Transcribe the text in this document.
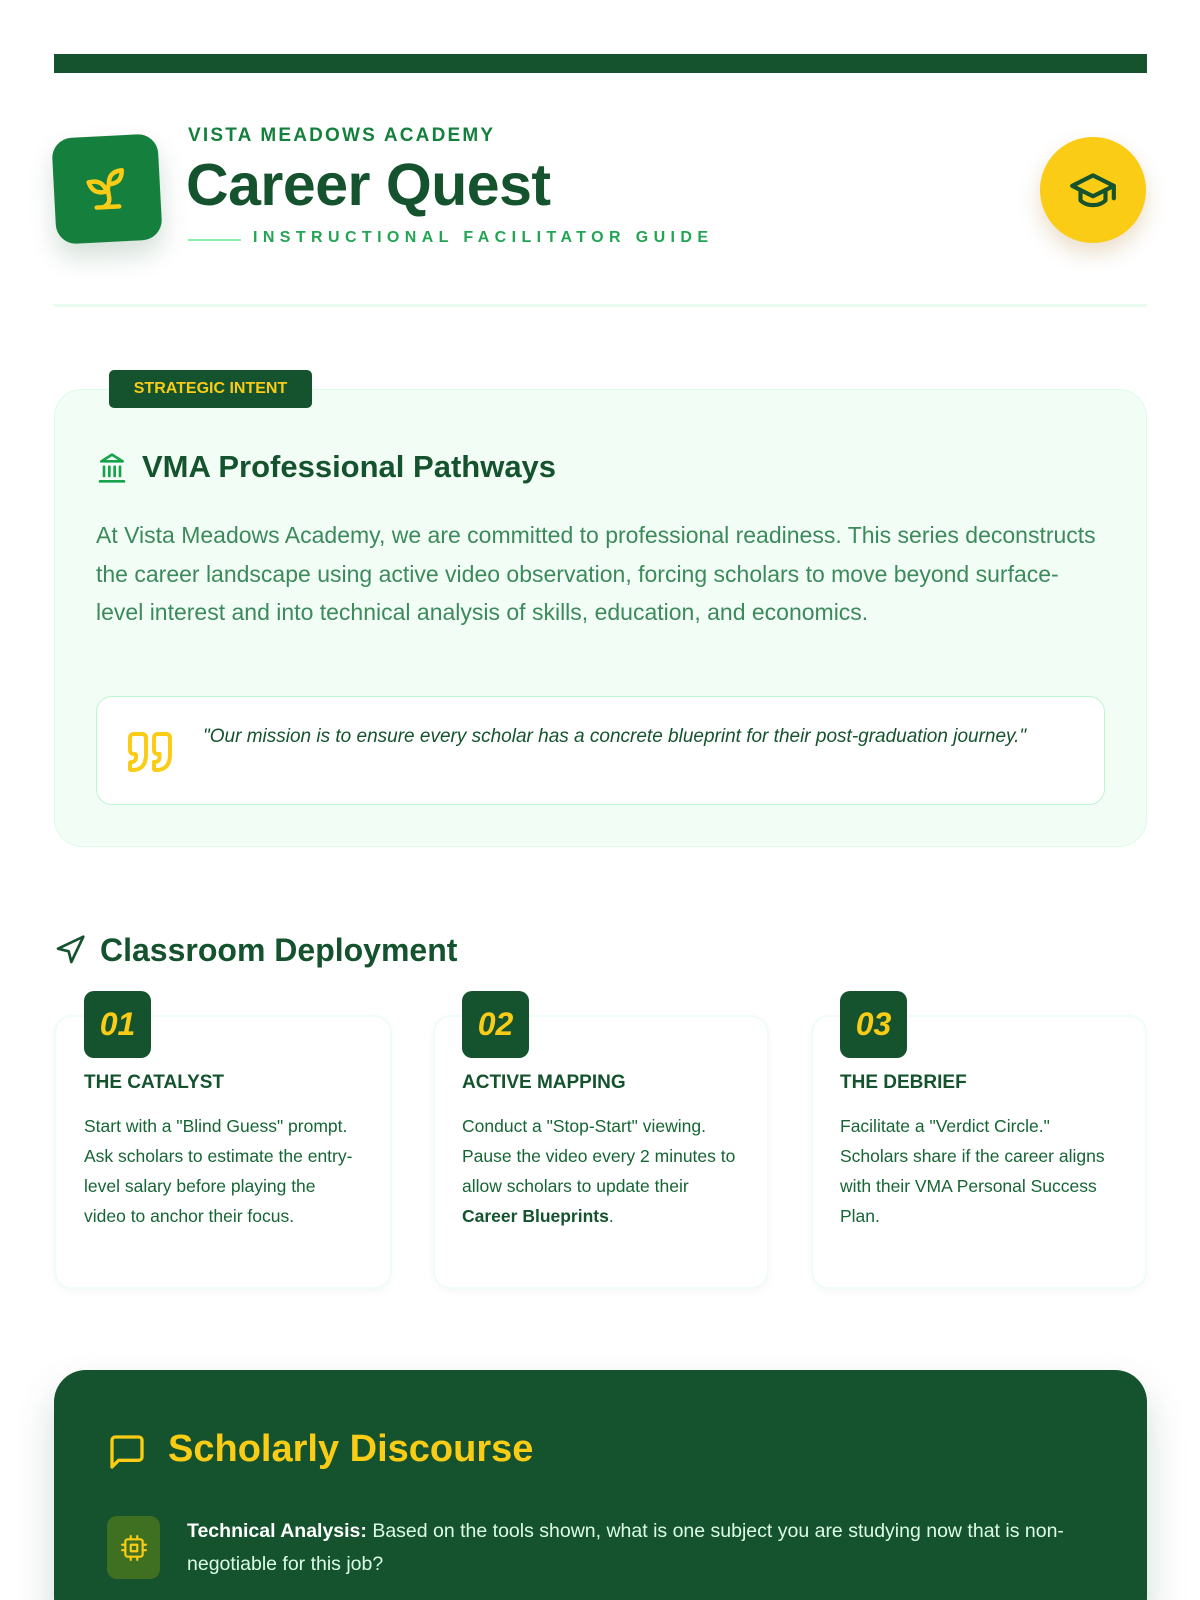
VISTA MEADOWS ACADEMY
Career Quest
INSTRUCTIONAL FACILITATOR GUIDE
STRATEGIC INTENT
VMA Professional Pathways
At Vista Meadows Academy, we are committed to professional readiness. This series deconstructs the career landscape using active video observation, forcing scholars to move beyond surface-level interest and into technical analysis of skills, education, and economics.
"Our mission is to ensure every scholar has a concrete blueprint for their post-graduation journey."
Classroom Deployment
01
THE CATALYST
Start with a "Blind Guess" prompt. Ask scholars to estimate the entry-level salary before playing the video to anchor their focus.
02
ACTIVE MAPPING
Conduct a "Stop-Start" viewing. Pause the video every 2 minutes to allow scholars to update their Career Blueprints.
03
THE DEBRIEF
Facilitate a "Verdict Circle." Scholars share if the career aligns with their VMA Personal Success Plan.
Scholarly Discourse
Technical Analysis: Based on the tools shown, what is one subject you are studying now that is non-negotiable for this job?
